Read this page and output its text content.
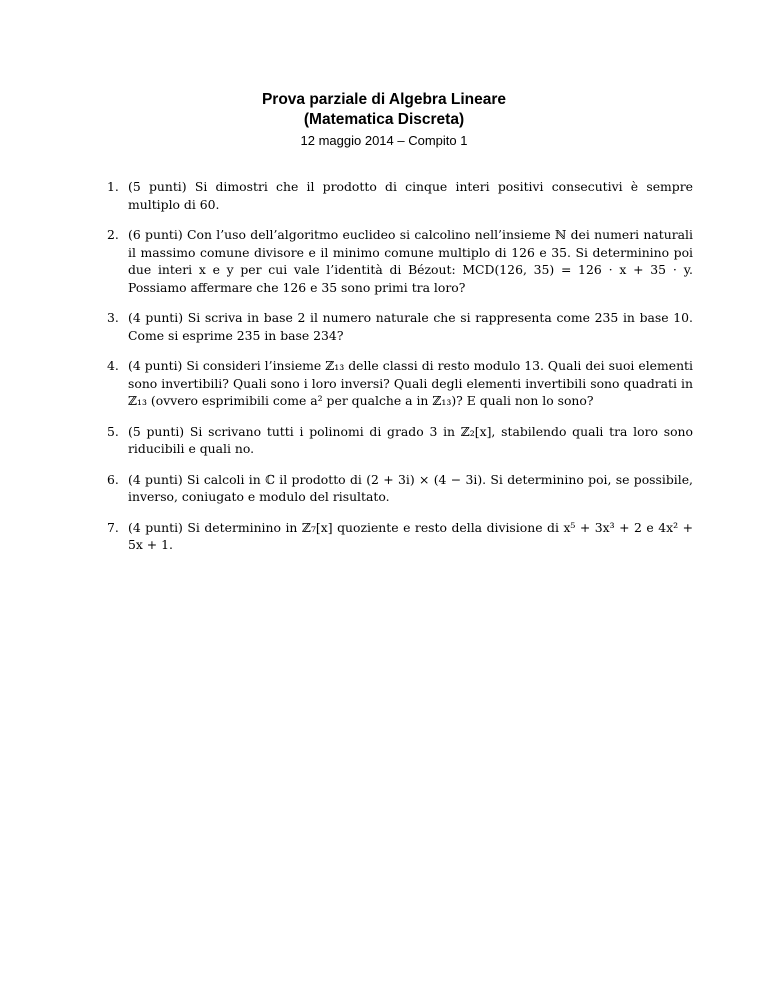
Prova parziale di Algebra Lineare
(Matematica Discreta)
12 maggio 2014 – Compito 1
1. (5 punti) Si dimostri che il prodotto di cinque interi positivi consecutivi è sempre multiplo di 60.
2. (6 punti) Con l’uso dell’algoritmo euclideo si calcolino nell’insieme ℕ dei numeri naturali il massimo comune divisore e il minimo comune multiplo di 126 e 35. Si determinino poi due interi x e y per cui vale l’identità di Bézout: MCD(126, 35) = 126 ⋅ x + 35 ⋅ y. Possiamo affermare che 126 e 35 sono primi tra loro?
3. (4 punti) Si scriva in base 2 il numero naturale che si rappresenta come 235 in base 10. Come si esprime 235 in base 234?
4. (4 punti) Si consideri l’insieme ℤ₁₃ delle classi di resto modulo 13. Quali dei suoi elementi sono invertibili? Quali sono i loro inversi? Quali degli elementi invertibili sono quadrati in ℤ₁₃ (ovvero esprimibili come a² per qualche a in ℤ₁₃)? E quali non lo sono?
5. (5 punti) Si scrivano tutti i polinomi di grado 3 in ℤ₂[x], stabilendo quali tra loro sono riducibili e quali no.
6. (4 punti) Si calcoli in ℂ il prodotto di (2 + 3i) × (4 − 3i). Si determinino poi, se possibile, inverso, coniugato e modulo del risultato.
7. (4 punti) Si determinino in ℤ₇[x] quoziente e resto della divisione di x⁵ + 3x³ + 2 e 4x² + 5x + 1.
